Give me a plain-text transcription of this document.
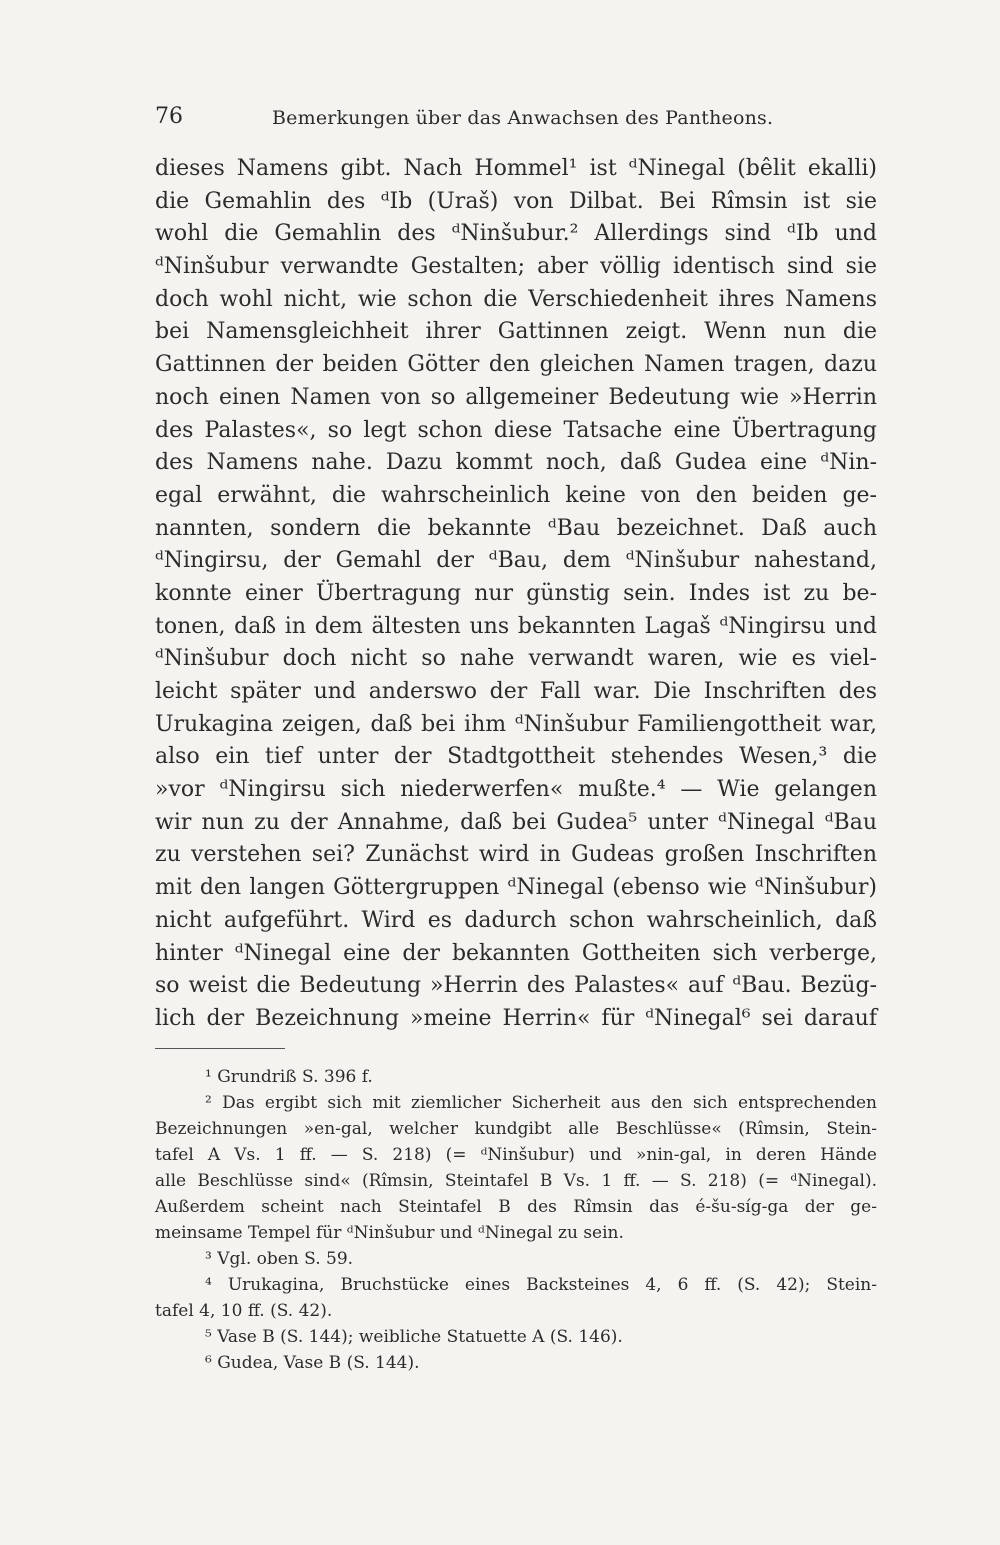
76	Bemerkungen über das Anwachsen des Pantheons.
dieses Namens gibt. Nach Hommel¹ ist ᵈNinegal (bêlit ekalli)
die Gemahlin des ᵈIb (Uraš) von Dilbat. Bei Rîmsin ist sie
wohl die Gemahlin des ᵈNinšubur.² Allerdings sind ᵈIb und
ᵈNinšubur verwandte Gestalten; aber völlig identisch sind sie
doch wohl nicht, wie schon die Verschiedenheit ihres Namens
bei Namensgleichheit ihrer Gattinnen zeigt. Wenn nun die
Gattinnen der beiden Götter den gleichen Namen tragen, dazu
noch einen Namen von so allgemeiner Bedeutung wie »Herrin
des Palastes«, so legt schon diese Tatsache eine Übertragung
des Namens nahe. Dazu kommt noch, daß Gudea eine ᵈNin-
egal erwähnt, die wahrscheinlich keine von den beiden ge-
nannten, sondern die bekannte ᵈBau bezeichnet. Daß auch
ᵈNingirsu, der Gemahl der ᵈBau, dem ᵈNinšubur nahestand,
konnte einer Übertragung nur günstig sein. Indes ist zu be-
tonen, daß in dem ältesten uns bekannten Lagaš ᵈNingirsu und
ᵈNinšubur doch nicht so nahe verwandt waren, wie es viel-
leicht später und anderswo der Fall war. Die Inschriften des
Urukagina zeigen, daß bei ihm ᵈNinšubur Familiengottheit war,
also ein tief unter der Stadtgottheit stehendes Wesen,³ die
»vor ᵈNingirsu sich niederwerfen« mußte.⁴ — Wie gelangen
wir nun zu der Annahme, daß bei Gudea⁵ unter ᵈNinegal ᵈBau
zu verstehen sei? Zunächst wird in Gudeas großen Inschriften
mit den langen Göttergruppen ᵈNinegal (ebenso wie ᵈNinšubur)
nicht aufgeführt. Wird es dadurch schon wahrscheinlich, daß
hinter ᵈNinegal eine der bekannten Gottheiten sich verberge,
so weist die Bedeutung »Herrin des Palastes« auf ᵈBau. Bezüg-
lich der Bezeichnung »meine Herrin« für ᵈNinegal⁶ sei darauf
¹ Grundriß S. 396 f.
² Das ergibt sich mit ziemlicher Sicherheit aus den sich entsprechenden
Bezeichnungen »en-gal, welcher kundgibt alle Beschlüsse« (Rîmsin, Stein-
tafel A Vs. 1 ff. — S. 218) (= ᵈNinšubur) und »nin-gal, in deren Hände
alle Beschlüsse sind« (Rîmsin, Steintafel B Vs. 1 ff. — S. 218) (= ᵈNinegal).
Außerdem scheint nach Steintafel B des Rîmsin das é-šu-síg-ga der ge-
meinsame Tempel für ᵈNinšubur und ᵈNinegal zu sein.
³ Vgl. oben S. 59.
⁴ Urukagina, Bruchstücke eines Backsteines 4, 6 ff. (S. 42); Stein-
tafel 4, 10 ff. (S. 42).
⁵ Vase B (S. 144); weibliche Statuette A (S. 146).
⁶ Gudea, Vase B (S. 144).
